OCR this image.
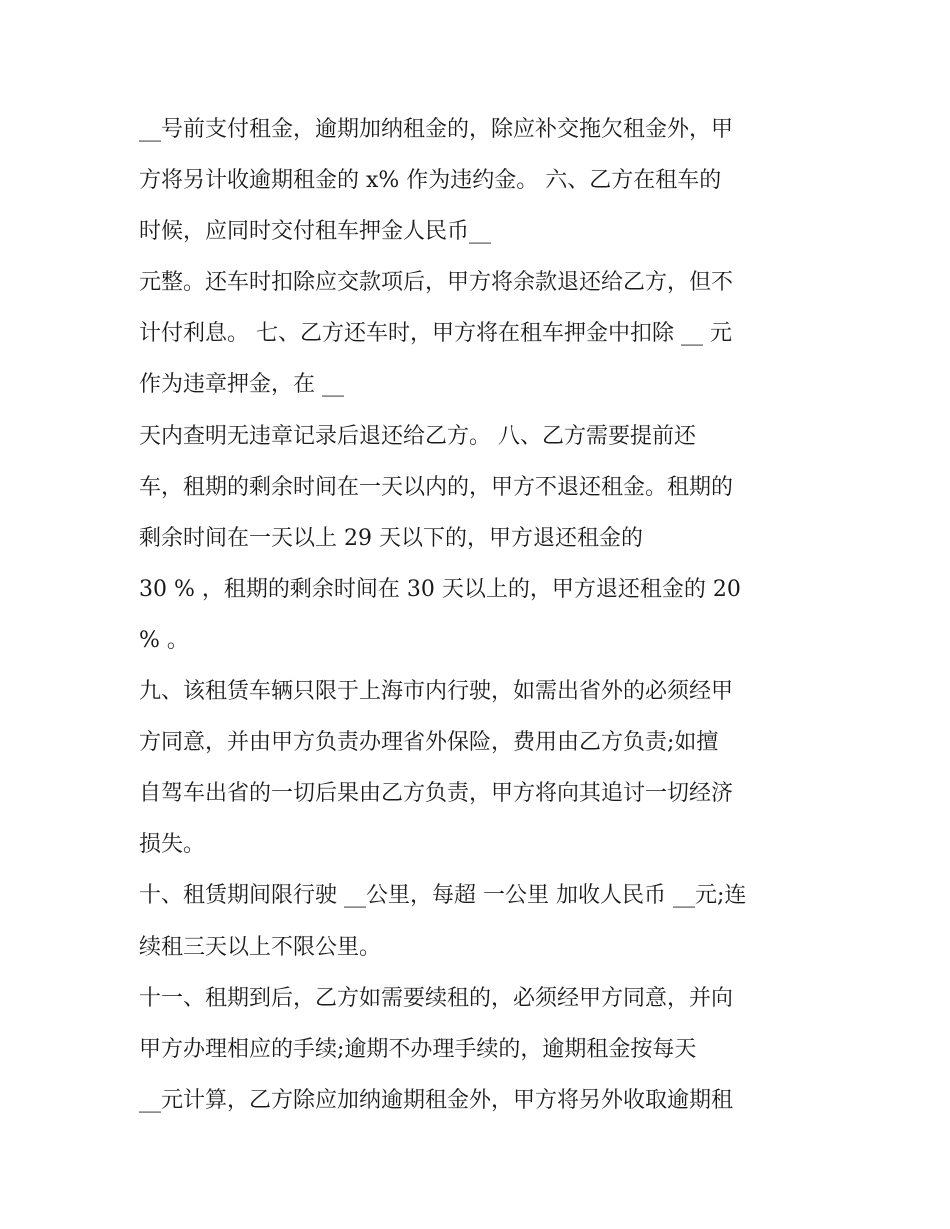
__号前支付租金，逾期加纳租金的，除应补交拖欠租金外，甲
方将另计收逾期租金的 x% 作为违约金。 六、乙方在租车的
时候，应同时交付租车押金人民币__
元整。还车时扣除应交款项后，甲方将余款退还给乙方，但不
计付利息。 七、乙方还车时，甲方将在租车押金中扣除 __ 元
作为违章押金，在 __
天内查明无违章记录后退还给乙方。 八、乙方需要提前还
车，租期的剩余时间在一天以内的，甲方不退还租金。租期的
剩余时间在一天以上 29 天以下的，甲方退还租金的
30 % ，租期的剩余时间在 30 天以上的，甲方退还租金的 20
% 。
九、该租赁车辆只限于上海市内行驶，如需出省外的必须经甲
方同意，并由甲方负责办理省外保险，费用由乙方负责;如擅
自驾车出省的一切后果由乙方负责，甲方将向其追讨一切经济
损失。
十、租赁期间限行驶 __公里，每超 一公里 加收人民币 __元;连
续租三天以上不限公里。
十一、租期到后，乙方如需要续租的，必须经甲方同意，并向
甲方办理相应的手续;逾期不办理手续的，逾期租金按每天
__元计算，乙方除应加纳逾期租金外，甲方将另外收取逾期租
